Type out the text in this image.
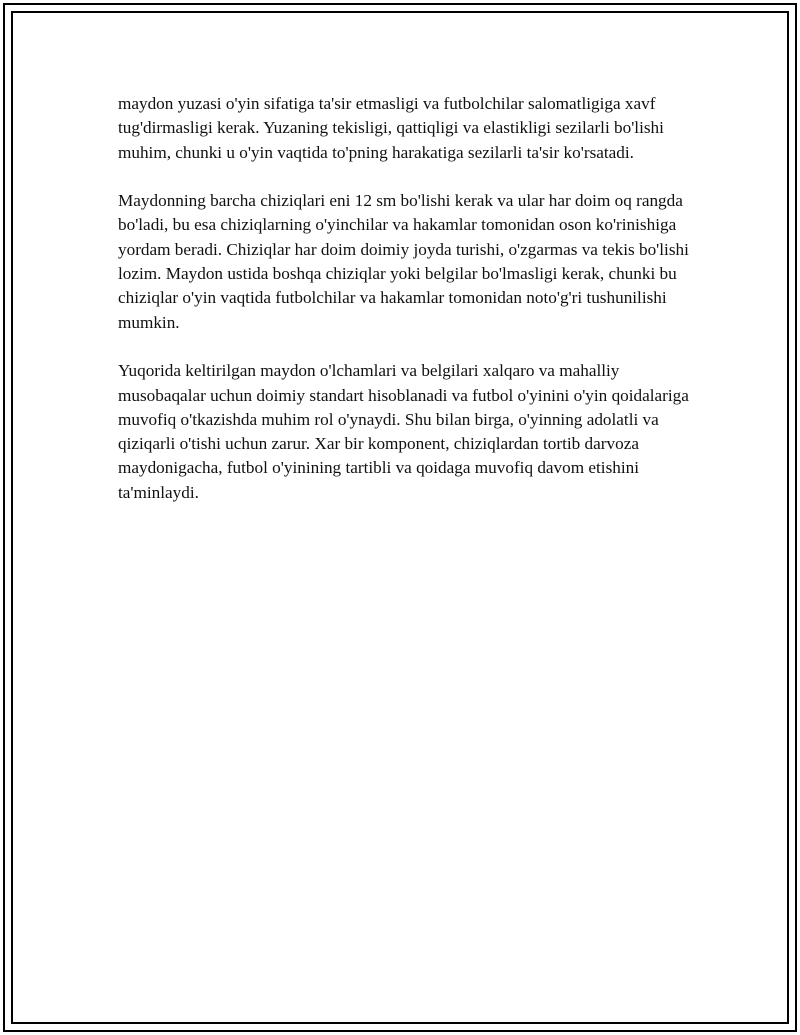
maydon yuzasi o'yin sifatiga ta'sir etmasligi va futbolchilar salomatligiga xavf tug'dirmasligi kerak. Yuzaning tekisligi, qattiqligi va elastikligi sezilarli bo'lishi muhim, chunki u o'yin vaqtida to'pning harakatiga sezilarli ta'sir ko'rsatadi.

Maydonning barcha chiziqlari eni 12 sm bo'lishi kerak va ular har doim oq rangda bo'ladi, bu esa chiziqlarning o'yinchilar va hakamlar tomonidan oson ko'rinishiga yordam beradi. Chiziqlar har doim doimiy joyda turishi, o'zgarmas va tekis bo'lishi lozim. Maydon ustida boshqa chiziqlar yoki belgilar bo'lmasligi kerak, chunki bu chiziqlar o'yin vaqtida futbolchilar va hakamlar tomonidan noto'g'ri tushunilishi mumkin.

Yuqorida keltirilgan maydon o'lchamlari va belgilari xalqaro va mahalliy musobaqalar uchun doimiy standart hisoblanadi va futbol o'yinini o'yin qoidalariga muvofiq o'tkazishda muhim rol o'ynaydi. Shu bilan birga, o'yinning adolatli va qiziqarli o'tishi uchun zarur. Xar bir komponent, chiziqlardan tortib darvoza maydonigacha, futbol o'yinining tartibli va qoidaga muvofiq davom etishini ta'minlaydi.
